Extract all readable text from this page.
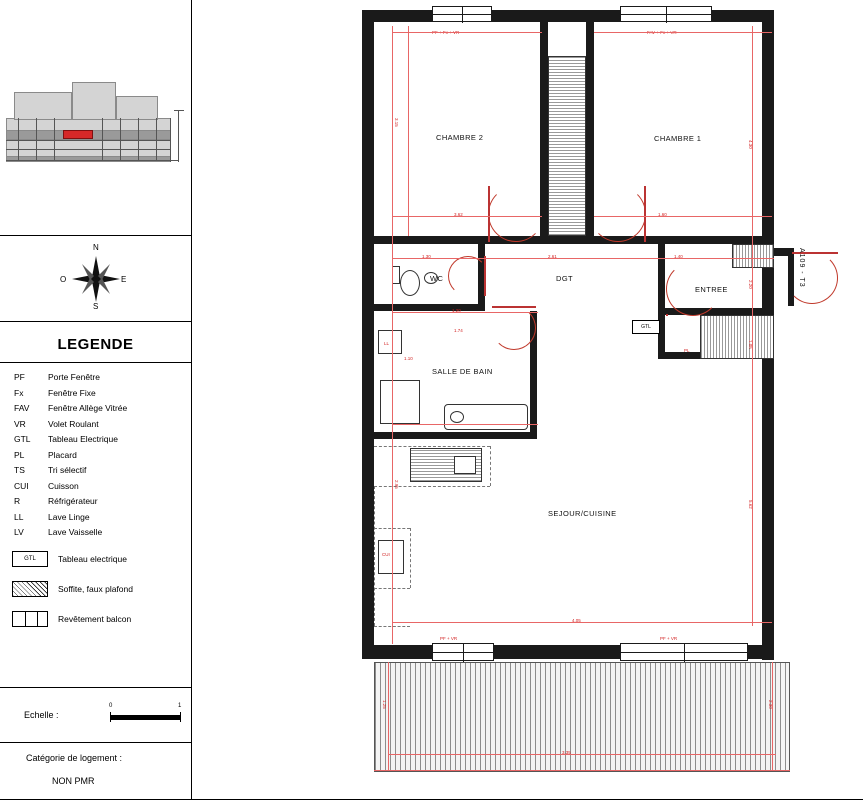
N
S
E
O
LEGENDE
PF	Porte Fenêtre
Fx	Fenêtre Fixe
FAV	Fenêtre Allège Vitrée
VR	Volet Roulant
GTL	Tableau Electrique
PL	Placard
TS	Tri sélectif
CUI	Cuisson
R	Réfrigérateur
LL	Lave Linge
LV	Lave Vaisselle
GTL	Tableau electrique
Soffite, faux plafond
Revêtement balcon
Echelle :
0	1
Catégorie de logement :
NON PMR
PF + VR	PF + VR
GTL
PL
LL
CUI
CHAMBRE 2	CHAMBRE 1
WC	DGT
ENTREE
SALLE DE BAIN
SEJOUR/CUISINE
A109 - T3
3.15
1.30	2.61	1.40
1.20
1.74
3.62	1.60
4.30
2.20
1.05
5.62
2.95
1.10
4.05
3.35
1.25	2.30
